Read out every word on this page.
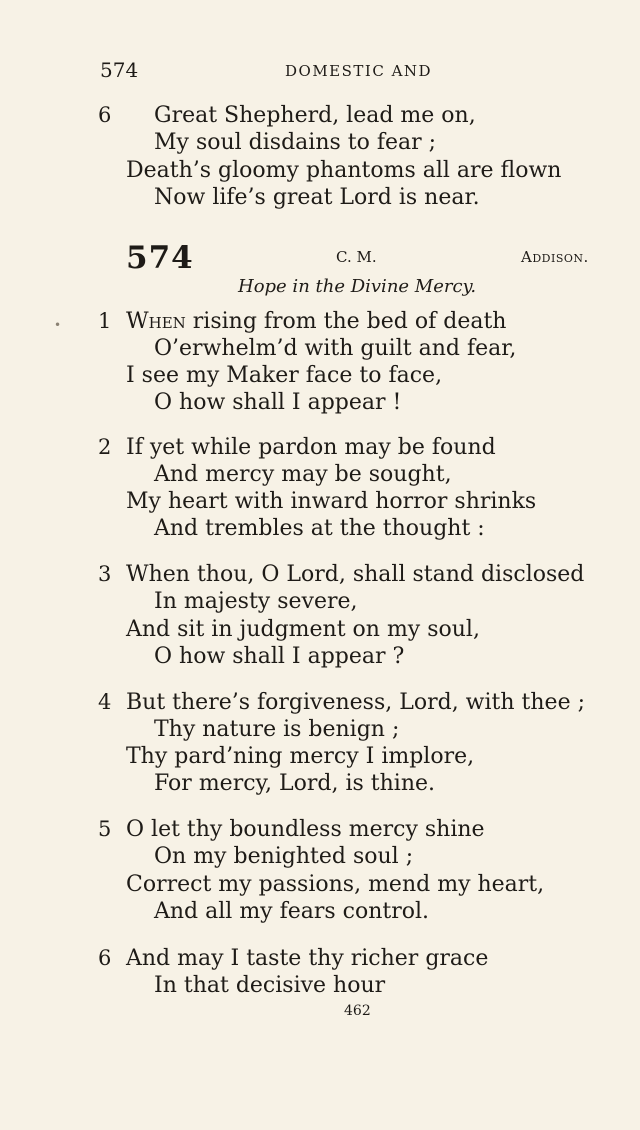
574	DOMESTIC AND
6 Great Shepherd, lead me on,
My soul disdains to fear ;
Death’s gloomy phantoms all are flown
Now life’s great Lord is near.
574	C. M.	Addison.
Hope in the Divine Mercy.
• 1 When rising from the bed of death
O’erwhelm’d with guilt and fear,
I see my Maker face to face,
O how shall I appear !
2 If yet while pardon may be found
And mercy may be sought,
My heart with inward horror shrinks
And trembles at the thought :
3 When thou, O Lord, shall stand disclosed
In majesty severe,
And sit in judgment on my soul,
O how shall I appear ?
4 But there’s forgiveness, Lord, with thee ;
Thy nature is benign ;
Thy pard’ning mercy I implore,
For mercy, Lord, is thine.
5 O let thy boundless mercy shine
On my benighted soul ;
Correct my passions, mend my heart,
And all my fears control.
6 And may I taste thy richer grace
In that decisive hour
462
